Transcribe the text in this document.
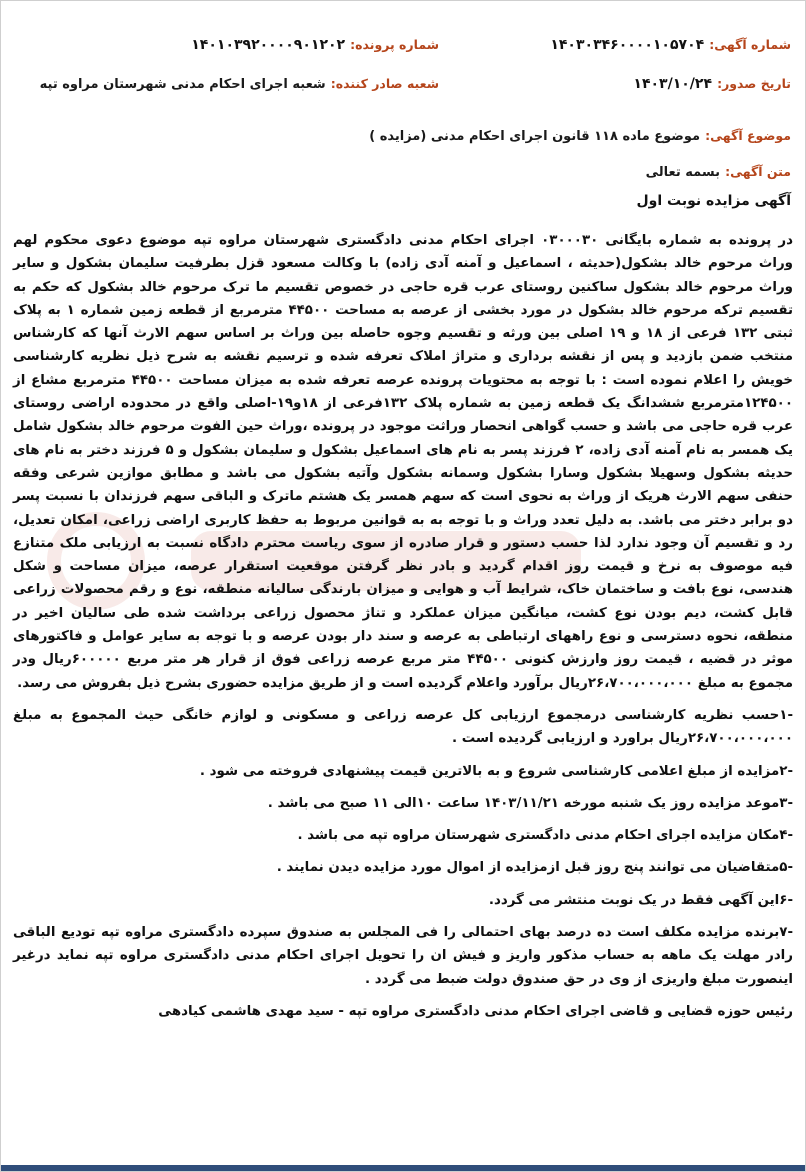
شماره آگهی: ۱۴۰۳۰۳۴۶۰۰۰۰۱۰۵۷۰۴
شماره پرونده: ۱۴۰۱۰۳۹۲۰۰۰۰۹۰۱۲۰۲
تاریخ صدور: ۱۴۰۳/۱۰/۲۴
شعبه صادر کننده: شعبه اجرای احکام مدنی شهرستان مراوه تپه
موضوع آگهی: موضوع ماده ۱۱۸ قانون اجرای احکام مدنی (مزایده )
متن آگهی: بسمه تعالی
آگهی مزایده نوبت اول

در پرونده به شماره بایگانی ۰۳۰۰۰۳۰ اجرای احکام مدنی دادگستری شهرستان مراوه تپه موضوع دعوی محکوم لهم وراث مرحوم خالد بشکول(حدیثه ، اسماعیل و آمنه آدی زاده) با وکالت مسعود قزل بطرفیت سلیمان بشکول و سایر وراث مرحوم خالد بشکول ساکنین روستای عرب قره حاجی در خصوص تقسیم ما ترک مرحوم خالد بشکول که حکم به تقسیم ترکه مرحوم خالد بشکول در مورد بخشی از عرصه به مساحت ۴۴۵۰۰ مترمربع از قطعه زمین شماره ۱ به پلاک ثبتی ۱۳۲ فرعی از ۱۸ و ۱۹ اصلی بین ورثه و تقسیم وجوه حاصله بین وراث بر اساس سهم الارث آنها که کارشناس منتخب ضمن بازدید و پس از نقشه برداری و متراژ املاک تعرفه شده و ترسیم نقشه به شرح ذیل نظریه کارشناسی خویش را اعلام نموده است : با توجه به محتویات پرونده عرصه تعرفه شده به میزان مساحت ۴۴۵۰۰ مترمربع مشاع از ۱۲۴۵۰۰مترمربع ششدانگ یک قطعه زمین به شماره پلاک ۱۳۲فرعی از ۱۸و۱۹-اصلی واقع در محدوده اراضی روستای عرب قره حاجی می باشد و حسب گواهی انحصار وراثت موجود در پرونده ،وراث حین الفوت مرحوم خالد بشکول شامل یک همسر به نام آمنه آدی زاده، ۲ فرزند پسر به نام های اسماعیل بشکول و سلیمان بشکول و ۵ فرزند دختر به نام های حدیثه بشکول وسهیلا بشکول وسارا بشکول وسمانه بشکول وآتیه بشکول می باشد و مطابق موازین شرعی وفقه حنفی سهم الارث هریک از وراث به نحوی است که سهم همسر یک هشتم ماترک و الباقی سهم فرزندان با نسبت پسر دو برابر دختر می باشد. به دلیل تعدد وراث و با توجه به به قوانین مربوط به حفظ کاربری اراضی زراعی، امکان تعدیل، رد و تقسیم آن وجود ندارد لذا حسب دستور و قرار صادره از سوی ریاست محترم دادگاه نسبت به ارزیابی ملک متنازع فیه موصوف به نرخ و قیمت روز اقدام گردید و بادر نظر گرفتن موقعیت استقرار عرصه، میزان مساحت و شکل هندسی، نوع بافت و ساختمان خاک، شرایط آب و هوایی و میزان بارندگی سالیانه منطقه، نوع و رقم محصولات زراعی قابل کشت، دیم بودن نوع کشت، میانگین میزان عملکرد و تناژ محصول زراعی برداشت شده طی سالیان اخیر در منطقه، نحوه دسترسی و نوع راههای ارتباطی به عرصه و سند دار بودن عرصه و با توجه به سایر عوامل و فاکتورهای موثر در قضیه ، قیمت روز وارزش کنونی ۴۴۵۰۰ متر مربع عرصه زراعی فوق از قرار هر متر مربع ۶۰۰۰۰۰ریال ودر مجموع به مبلغ ۲۶،۷۰۰،۰۰۰،۰۰۰ریال برآورد واعلام گردیده است و از طریق مزایده حضوری بشرح ذیل بفروش می رسد.

-۱حسب نظریه کارشناسی درمجموع ارزیابی کل عرصه زراعی و مسکونی و لوازم خانگی حیث المجموع به مبلغ ۲۶،۷۰۰،۰۰۰،۰۰۰ریال براورد و ارزیابی گردیده است .

-۲مزایده از مبلغ اعلامی کارشناسی شروع و به بالاترین قیمت پیشنهادی فروخته می شود .

-۳موعد مزایده روز یک شنبه مورخه ۱۴۰۳/۱۱/۲۱ ساعت ۱۰الی ۱۱ صبح می باشد .

-۴مکان مزایده اجرای احکام مدنی دادگستری شهرستان مراوه تپه می باشد .

-۵متقاضیان می توانند پنج روز قبل ازمزایده از اموال مورد مزایده دیدن نمایند .

-۶این آگهی فقط در یک نوبت منتشر می گردد.

-۷برنده مزایده مکلف است ده درصد بهای احتمالی را فی المجلس به صندوق سپرده دادگستری مراوه تپه تودیع الباقی رادر مهلت یک ماهه به حساب مذکور واریز و فیش ان را تحویل اجرای احکام مدنی دادگستری مراوه تپه نماید درغیر اینصورت مبلغ واریزی از وی در حق صندوق دولت ضبط می گردد .

رئیس حوزه قضایی و قاضی اجرای احکام مدنی دادگستری مراوه تپه - سید مهدی هاشمی کیادهی
